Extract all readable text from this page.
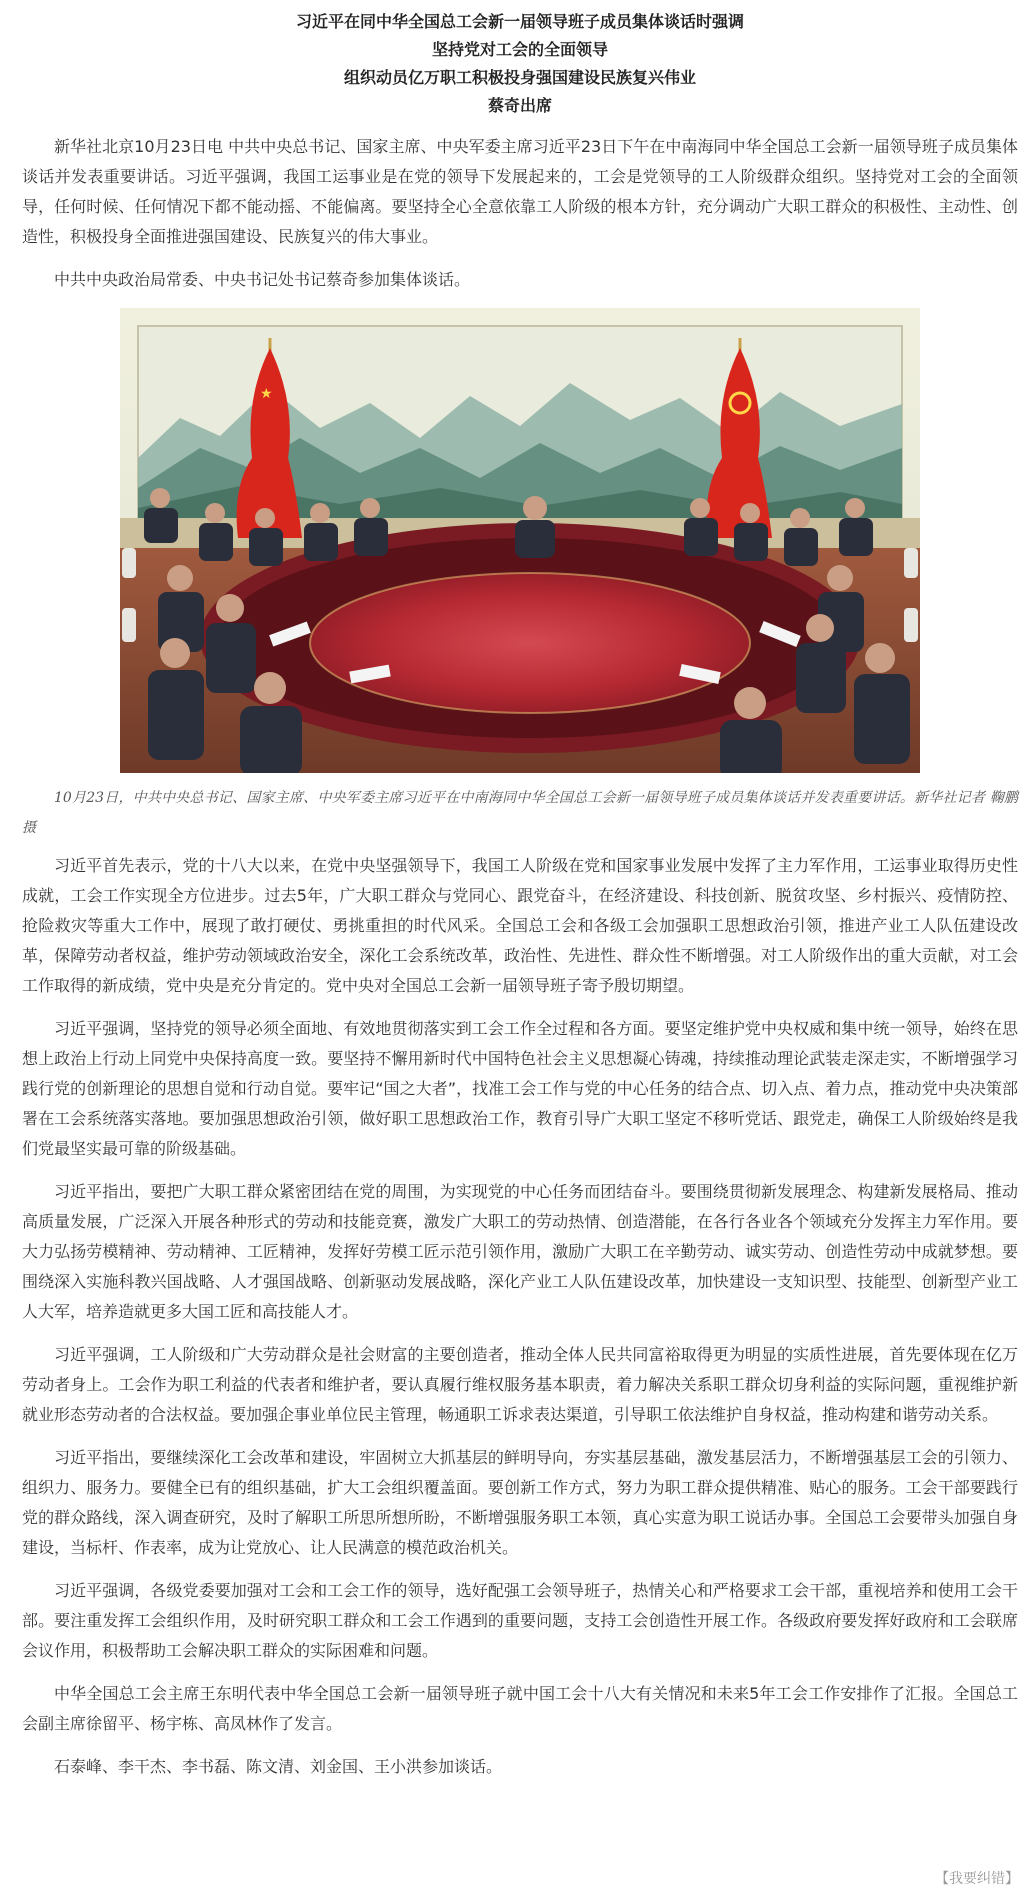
习近平在同中华全国总工会新一届领导班子成员集体谈话时强调
坚持党对工会的全面领导
组织动员亿万职工积极投身强国建设民族复兴伟业
蔡奇出席

新华社北京10月23日电 中共中央总书记、国家主席、中央军委主席习近平23日下午在中南海同中华全国总工会新一届领导班子成员集体谈话并发表重要讲话。习近平强调，我国工运事业是在党的领导下发展起来的，工会是党领导的工人阶级群众组织。坚持党对工会的全面领导，任何时候、任何情况下都不能动摇、不能偏离。要坚持全心全意依靠工人阶级的根本方针，充分调动广大职工群众的积极性、主动性、创造性，积极投身全面推进强国建设、民族复兴的伟大事业。

中共中央政治局常委、中央书记处书记蔡奇参加集体谈话。

★

10月23日，中共中央总书记、国家主席、中央军委主席习近平在中南海同中华全国总工会新一届领导班子成员集体谈话并发表重要讲话。新华社记者 鞠鹏 摄

习近平首先表示，党的十八大以来，在党中央坚强领导下，我国工人阶级在党和国家事业发展中发挥了主力军作用，工运事业取得历史性成就，工会工作实现全方位进步。过去5年，广大职工群众与党同心、跟党奋斗，在经济建设、科技创新、脱贫攻坚、乡村振兴、疫情防控、抢险救灾等重大工作中，展现了敢打硬仗、勇挑重担的时代风采。全国总工会和各级工会加强职工思想政治引领，推进产业工人队伍建设改革，保障劳动者权益，维护劳动领域政治安全，深化工会系统改革，政治性、先进性、群众性不断增强。对工人阶级作出的重大贡献，对工会工作取得的新成绩，党中央是充分肯定的。党中央对全国总工会新一届领导班子寄予殷切期望。

习近平强调，坚持党的领导必须全面地、有效地贯彻落实到工会工作全过程和各方面。要坚定维护党中央权威和集中统一领导，始终在思想上政治上行动上同党中央保持高度一致。要坚持不懈用新时代中国特色社会主义思想凝心铸魂，持续推动理论武装走深走实，不断增强学习践行党的创新理论的思想自觉和行动自觉。要牢记“国之大者”，找准工会工作与党的中心任务的结合点、切入点、着力点，推动党中央决策部署在工会系统落实落地。要加强思想政治引领，做好职工思想政治工作，教育引导广大职工坚定不移听党话、跟党走，确保工人阶级始终是我们党最坚实最可靠的阶级基础。

习近平指出，要把广大职工群众紧密团结在党的周围，为实现党的中心任务而团结奋斗。要围绕贯彻新发展理念、构建新发展格局、推动高质量发展，广泛深入开展各种形式的劳动和技能竞赛，激发广大职工的劳动热情、创造潜能，在各行各业各个领域充分发挥主力军作用。要大力弘扬劳模精神、劳动精神、工匠精神，发挥好劳模工匠示范引领作用，激励广大职工在辛勤劳动、诚实劳动、创造性劳动中成就梦想。要围绕深入实施科教兴国战略、人才强国战略、创新驱动发展战略，深化产业工人队伍建设改革，加快建设一支知识型、技能型、创新型产业工人大军，培养造就更多大国工匠和高技能人才。

习近平强调，工人阶级和广大劳动群众是社会财富的主要创造者，推动全体人民共同富裕取得更为明显的实质性进展，首先要体现在亿万劳动者身上。工会作为职工利益的代表者和维护者，要认真履行维权服务基本职责，着力解决关系职工群众切身利益的实际问题，重视维护新就业形态劳动者的合法权益。要加强企事业单位民主管理，畅通职工诉求表达渠道，引导职工依法维护自身权益，推动构建和谐劳动关系。

习近平指出，要继续深化工会改革和建设，牢固树立大抓基层的鲜明导向，夯实基层基础，激发基层活力，不断增强基层工会的引领力、组织力、服务力。要健全已有的组织基础，扩大工会组织覆盖面。要创新工作方式，努力为职工群众提供精准、贴心的服务。工会干部要践行党的群众路线，深入调查研究，及时了解职工所思所想所盼，不断增强服务职工本领，真心实意为职工说话办事。全国总工会要带头加强自身建设，当标杆、作表率，成为让党放心、让人民满意的模范政治机关。

习近平强调，各级党委要加强对工会和工会工作的领导，选好配强工会领导班子，热情关心和严格要求工会干部，重视培养和使用工会干部。要注重发挥工会组织作用，及时研究职工群众和工会工作遇到的重要问题，支持工会创造性开展工作。各级政府要发挥好政府和工会联席会议作用，积极帮助工会解决职工群众的实际困难和问题。

中华全国总工会主席王东明代表中华全国总工会新一届领导班子就中国工会十八大有关情况和未来5年工会工作安排作了汇报。全国总工会副主席徐留平、杨宇栋、高凤林作了发言。

石泰峰、李干杰、李书磊、陈文清、刘金国、王小洪参加谈话。

【我要纠错】
